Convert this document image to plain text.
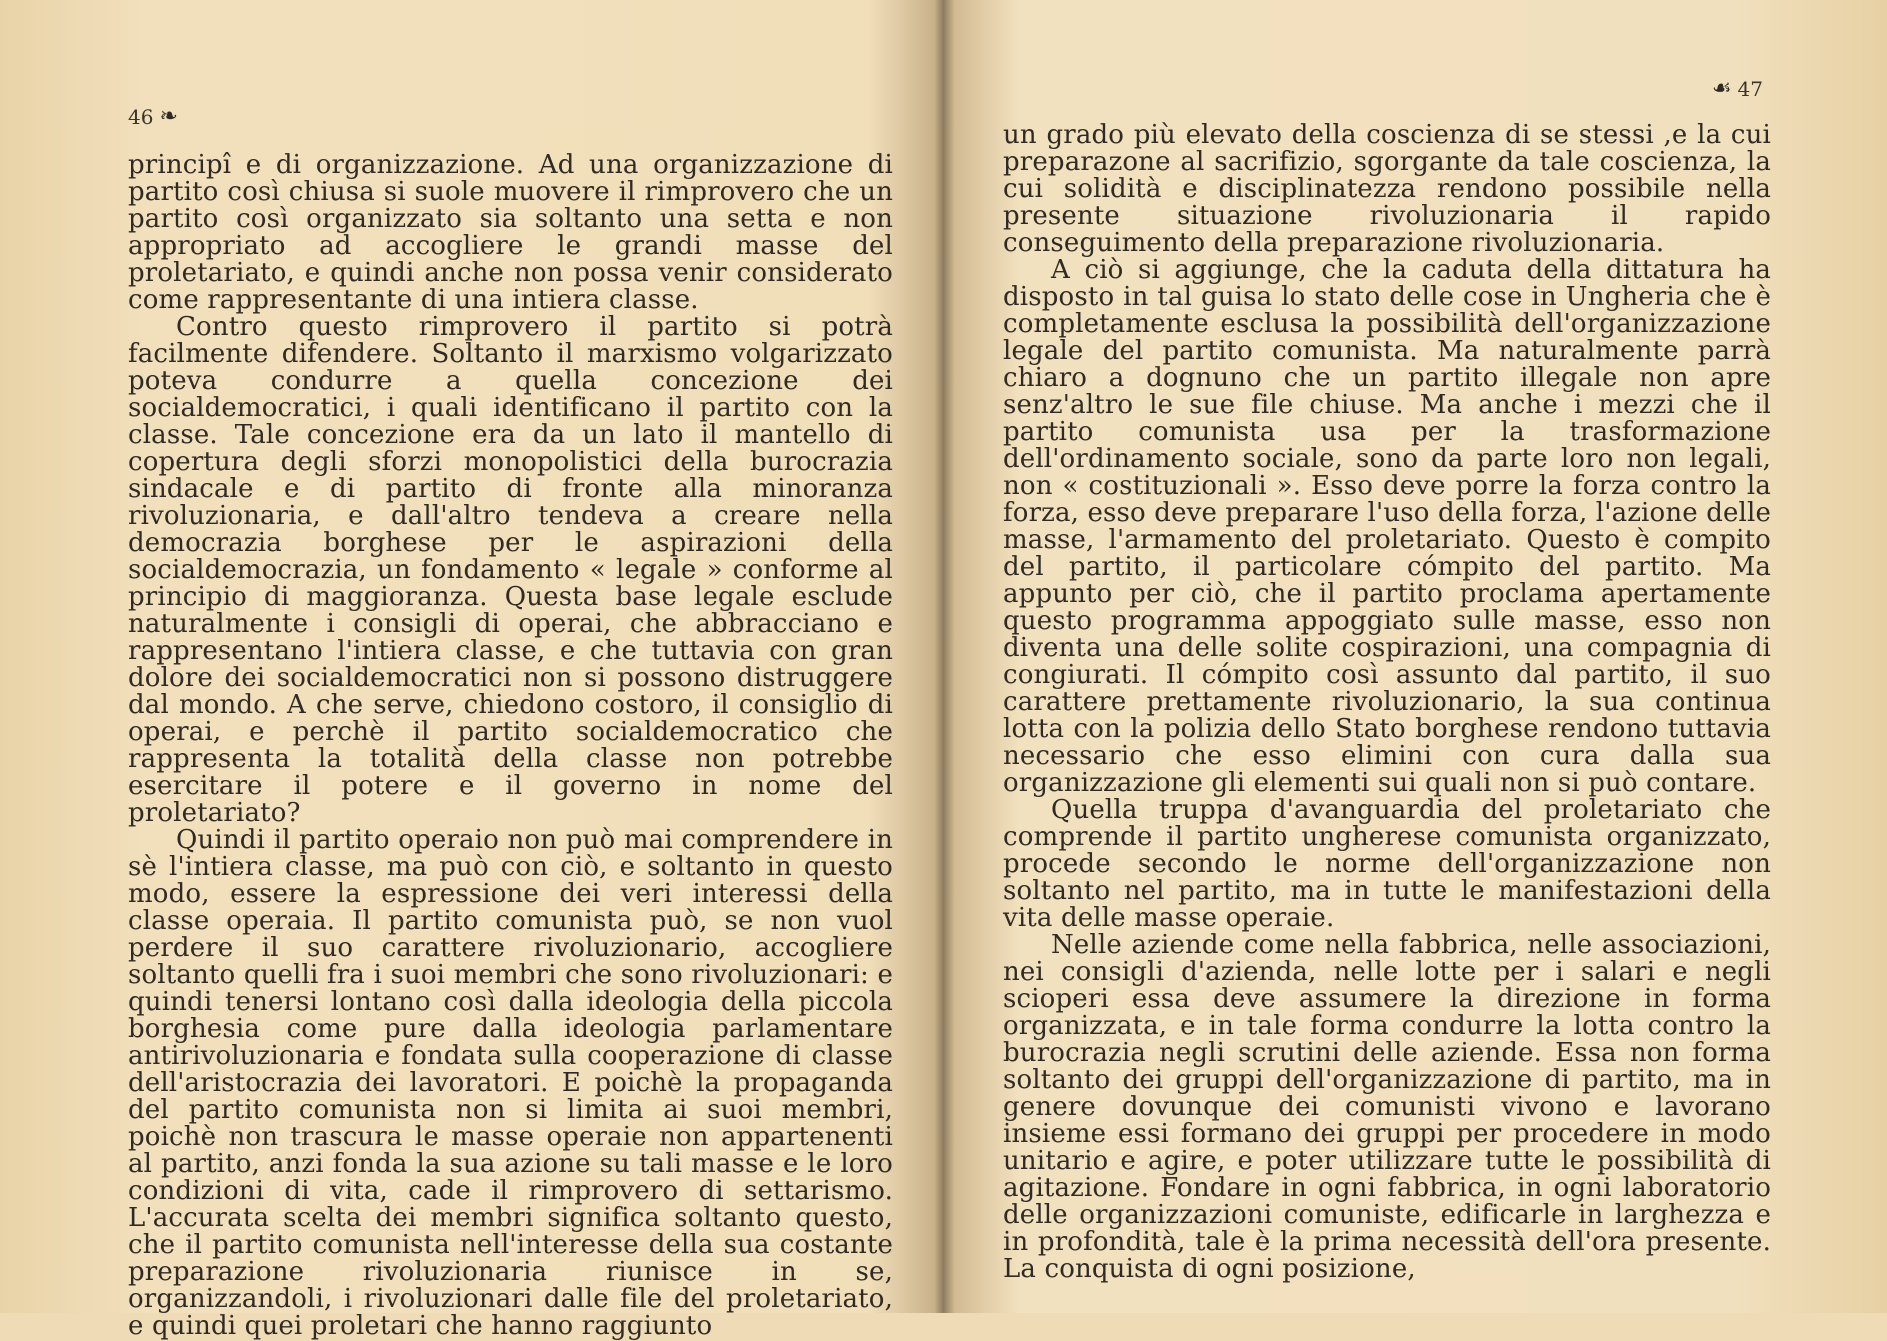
46 ❧

principî e di organizzazione. Ad una organizzazione di partito così chiusa si suole muovere il rimprovero che un partito così organizzato sia soltanto una setta e non appropriato ad accogliere le grandi masse del proletariato, e quindi anche non possa venir considerato come rappresentante di una intiera classe.

Contro questo rimprovero il partito si potrà facilmente difendere. Soltanto il marxismo volgarizzato poteva condurre a quella concezione dei socialdemocratici, i quali identificano il partito con la classe. Tale concezione era da un lato il mantello di copertura degli sforzi monopolistici della burocrazia sindacale e di partito di fronte alla minoranza rivoluzionaria, e dall'altro tendeva a creare nella democrazia borghese per le aspirazioni della socialdemocrazia, un fondamento « legale » conforme al principio di maggioranza. Questa base legale esclude naturalmente i consigli di operai, che abbracciano e rappresentano l'intiera classe, e che tuttavia con gran dolore dei socialdemocratici non si possono distruggere dal mondo. A che serve, chiedono costoro, il consiglio di operai, e perchè il partito socialdemocratico che rappresenta la totalità della classe non potrebbe esercitare il potere e il governo in nome del proletariato?

Quindi il partito operaio non può mai comprendere in sè l'intiera classe, ma può con ciò, e soltanto in questo modo, essere la espressione dei veri interessi della classe operaia. Il partito comunista può, se non vuol perdere il suo carattere rivoluzionario, accogliere soltanto quelli fra i suoi membri che sono rivoluzionari: e quindi tenersi lontano così dalla ideologia della piccola borghesia come pure dalla ideologia parlamentare antirivoluzionaria e fondata sulla cooperazione di classe dell'aristocrazia dei lavoratori. E poichè la propaganda del partito comunista non si limita ai suoi membri, poichè non trascura le masse operaie non appartenenti al partito, anzi fonda la sua azione su tali masse e le loro condizioni di vita, cade il rimprovero di settarismo. L'accurata scelta dei membri significa soltanto questo, che il partito comunista nell'interesse della sua costante preparazione rivoluzionaria riunisce in se, organizzandoli, i rivoluzionari dalle file del proletariato, e quindi quei proletari che hanno raggiunto

☙ 47

un grado più elevato della coscienza di se stessi ,e la cui preparazone al sacrifizio, sgorgante da tale coscienza, la cui solidità e disciplinatezza rendono possibile nella presente situazione rivoluzionaria il rapido conseguimento della preparazione rivoluzionaria.

A ciò si aggiunge, che la caduta della dittatura ha disposto in tal guisa lo stato delle cose in Ungheria che è completamente esclusa la possibilità dell'organizzazione legale del partito comunista. Ma naturalmente parrà chiaro a dognuno che un partito illegale non apre senz'altro le sue file chiuse. Ma anche i mezzi che il partito comunista usa per la trasformazione dell'ordinamento sociale, sono da parte loro non legali, non « costituzionali ». Esso deve porre la forza contro la forza, esso deve preparare l'uso della forza, l'azione delle masse, l'armamento del proletariato. Questo è compito del partito, il particolare cómpito del partito. Ma appunto per ciò, che il partito proclama apertamente questo programma appoggiato sulle masse, esso non diventa una delle solite cospirazioni, una compagnia di congiurati. Il cómpito così assunto dal partito, il suo carattere prettamente rivoluzionario, la sua continua lotta con la polizia dello Stato borghese rendono tuttavia necessario che esso elimini con cura dalla sua organizzazione gli elementi sui quali non si può contare.

Quella truppa d'avanguardia del proletariato che comprende il partito ungherese comunista organizzato, procede secondo le norme dell'organizzazione non soltanto nel partito, ma in tutte le manifestazioni della vita delle masse operaie.

Nelle aziende come nella fabbrica, nelle associazioni, nei consigli d'azienda, nelle lotte per i salari e negli scioperi essa deve assumere la direzione in forma organizzata, e in tale forma condurre la lotta contro la burocrazia negli scrutini delle aziende. Essa non forma soltanto dei gruppi dell'organizzazione di partito, ma in genere dovunque dei comunisti vivono e lavorano insieme essi formano dei gruppi per procedere in modo unitario e agire, e poter utilizzare tutte le possibilità di agitazione. Fondare in ogni fabbrica, in ogni laboratorio delle organizzazioni comuniste, edificarle in larghezza e in profondità, tale è la prima necessità dell'ora presente. La conquista di ogni posizione,
